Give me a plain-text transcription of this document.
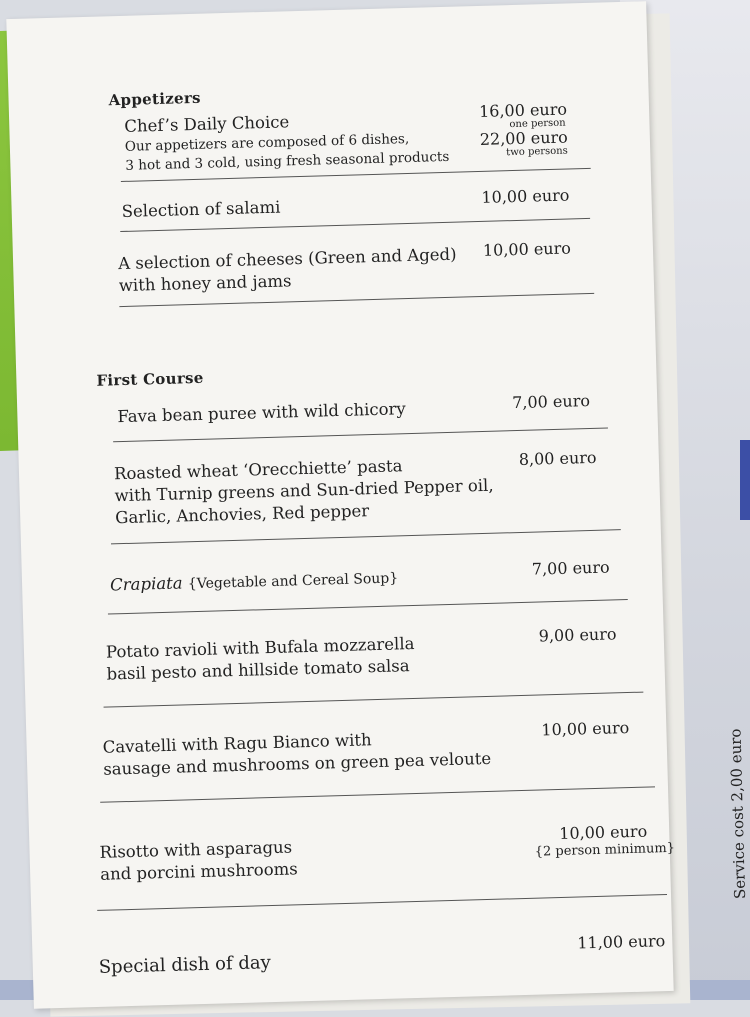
Appetizers
Chef’s Daily Choice
Our appetizers are composed of 6 dishes,
3 hot and 3 cold, using fresh seasonal products
16,00 euro
one person
22,00 euro
two persons
Selection of salami
10,00 euro
A selection of cheeses (Green and Aged)
with honey and jams
10,00 euro
First Course
Fava bean puree with wild chicory	7,00 euro
Roasted wheat ‘Orecchiette’ pasta
with Turnip greens and Sun-dried Pepper oil,
Garlic, Anchovies, Red pepper
8,00 euro
Crapiata {Vegetable and Cereal Soup}
7,00 euro
Potato ravioli with Bufala mozzarella
basil pesto and hillside tomato salsa
9,00 euro
Cavatelli with Ragu Bianco with
sausage and mushrooms on green pea veloute
10,00 euro
Risotto with asparagus
and porcini mushrooms
10,00 euro
{2 person minimum}
Special dish of day
11,00 euro
Service cost 2,00 euro
